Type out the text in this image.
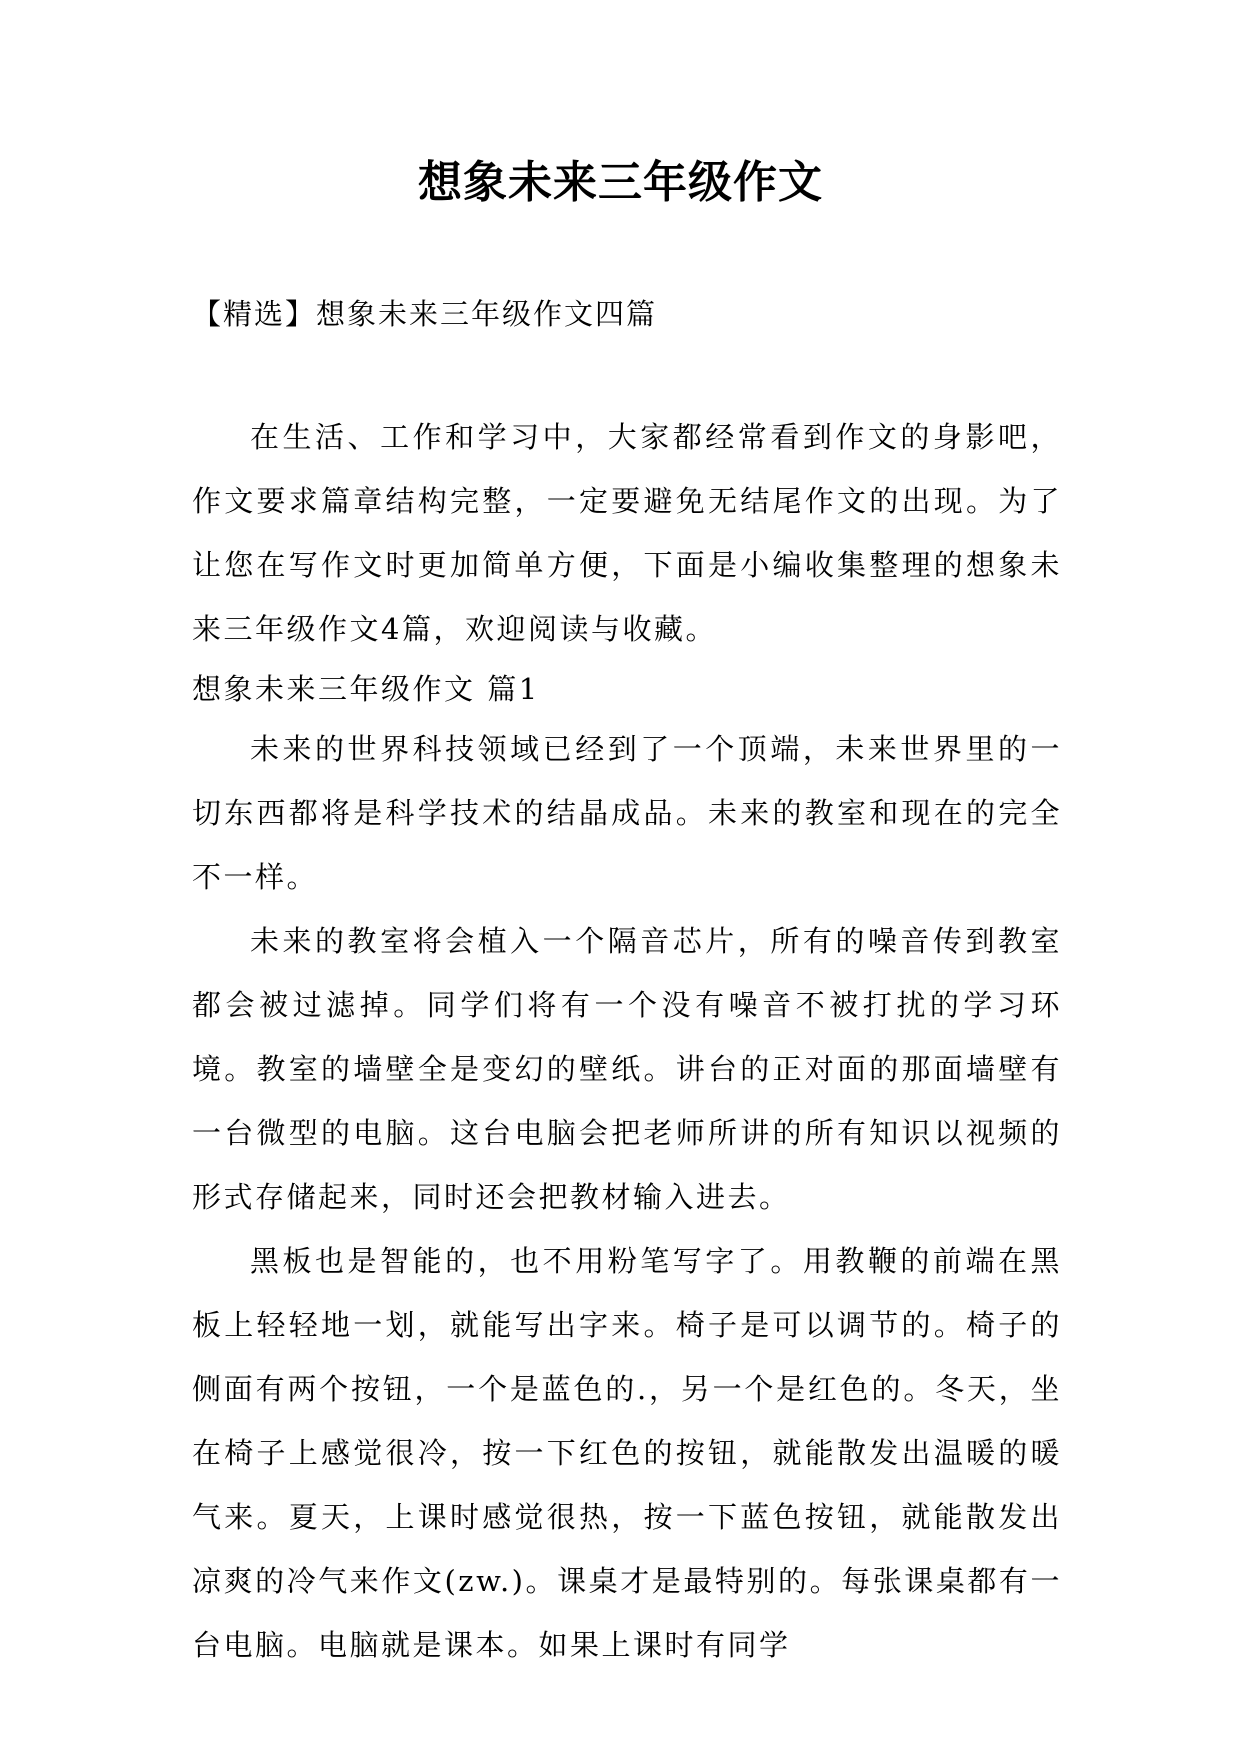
想象未来三年级作文
【精选】想象未来三年级作文四篇

在生活、工作和学习中，大家都经常看到作文的身影吧，作文要求篇章结构完整，一定要避免无结尾作文的出现。为了让您在写作文时更加简单方便，下面是小编收集整理的想象未来三年级作文4篇，欢迎阅读与收藏。

想象未来三年级作文 篇1

未来的世界科技领域已经到了一个顶端，未来世界里的一切东西都将是科学技术的结晶成品。未来的教室和现在的完全不一样。

未来的教室将会植入一个隔音芯片，所有的噪音传到教室都会被过滤掉。同学们将有一个没有噪音不被打扰的学习环境。教室的墙壁全是变幻的壁纸。讲台的正对面的那面墙壁有一台微型的电脑。这台电脑会把老师所讲的所有知识以视频的形式存储起来，同时还会把教材输入进去。

黑板也是智能的，也不用粉笔写字了。用教鞭的前端在黑板上轻轻地一划，就能写出字来。椅子是可以调节的。椅子的侧面有两个按钮，一个是蓝色的.，另一个是红色的。冬天，坐在椅子上感觉很冷，按一下红色的按钮，就能散发出温暖的暖气来。夏天，上课时感觉很热，按一下蓝色按钮，就能散发出凉爽的冷气来作文(zw.)。课桌才是最特别的。每张课桌都有一台电脑。电脑就是课本。如果上课时有同学
